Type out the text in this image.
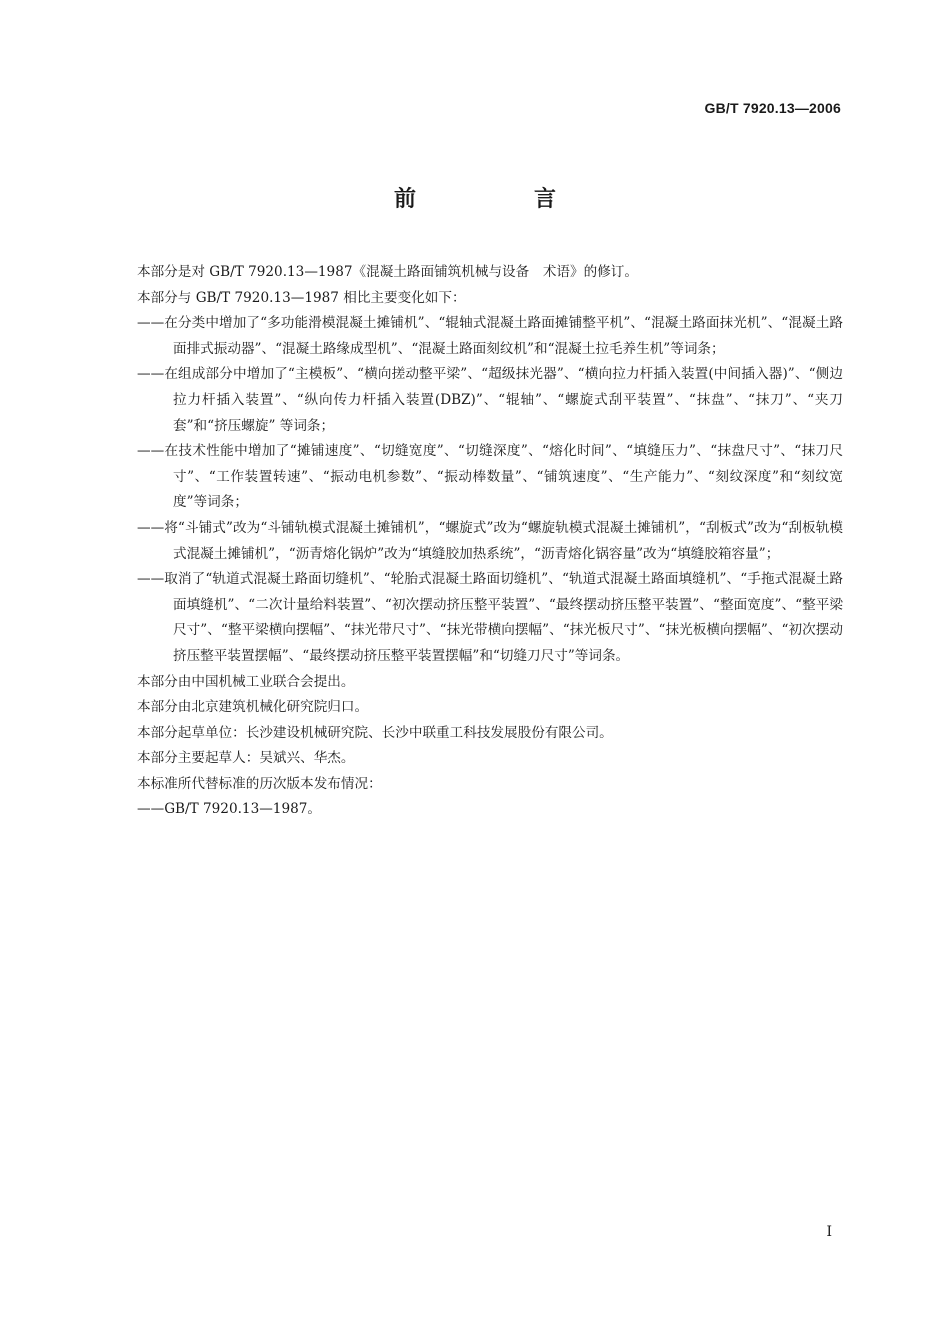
GB/T 7920.13—2006
前　言

本部分是对 GB/T 7920.13—1987《混凝土路面铺筑机械与设备　术语》的修订。

本部分与 GB/T 7920.13—1987 相比主要变化如下：

——在分类中增加了“多功能滑模混凝土摊铺机”、“辊轴式混凝土路面摊铺整平机”、“混凝土路面抹光机”、“混凝土路面排式振动器”、“混凝土路缘成型机”、“混凝土路面刻纹机”和“混凝土拉毛养生机”等词条；

——在组成部分中增加了“主模板”、“横向搓动整平梁”、“超级抹光器”、“横向拉力杆插入装置(中间插入器)”、“侧边拉力杆插入装置”、“纵向传力杆插入装置(DBZ)”、“辊轴”、“螺旋式刮平装置”、“抹盘”、“抹刀”、“夹刀套”和“挤压螺旋” 等词条；

——在技术性能中增加了“摊铺速度”、“切缝宽度”、“切缝深度”、“熔化时间”、“填缝压力”、“抹盘尺寸”、“抹刀尺寸”、“工作装置转速”、“振动电机参数”、“振动棒数量”、“铺筑速度”、“生产能力”、“刻纹深度”和“刻纹宽度”等词条；

——将“斗铺式”改为“斗铺轨模式混凝土摊铺机”，“螺旋式”改为“螺旋轨模式混凝土摊铺机”，“刮板式”改为“刮板轨模式混凝土摊铺机”，“沥青熔化锅炉”改为“填缝胶加热系统”，“沥青熔化锅容量”改为“填缝胶箱容量”；

——取消了“轨道式混凝土路面切缝机”、“轮胎式混凝土路面切缝机”、“轨道式混凝土路面填缝机”、“手拖式混凝土路面填缝机”、“二次计量给料装置”、“初次摆动挤压整平装置”、“最终摆动挤压整平装置”、“整面宽度”、“整平梁尺寸”、“整平梁横向摆幅”、“抹光带尺寸”、“抹光带横向摆幅”、“抹光板尺寸”、“抹光板横向摆幅”、“初次摆动挤压整平装置摆幅”、“最终摆动挤压整平装置摆幅”和“切缝刀尺寸”等词条。

本部分由中国机械工业联合会提出。

本部分由北京建筑机械化研究院归口。

本部分起草单位：长沙建设机械研究院、长沙中联重工科技发展股份有限公司。

本部分主要起草人：吴斌兴、华杰。

本标准所代替标准的历次版本发布情况：

——GB/T 7920.13—1987。

I
